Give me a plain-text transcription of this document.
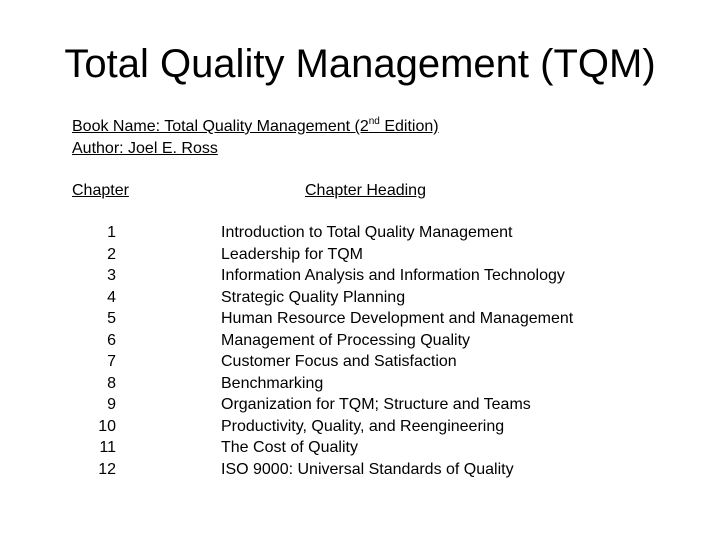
Total Quality Management (TQM)
Book Name: Total Quality Management (2nd Edition)
Author: Joel E. Ross
Chapter	Chapter Heading
1	Introduction to Total Quality Management
2	Leadership for TQM
3	Information Analysis and Information Technology
4	Strategic Quality Planning
5	Human Resource Development and Management
6	Management of Processing Quality
7	Customer Focus and Satisfaction
8	Benchmarking
9	Organization for TQM; Structure and Teams
10	Productivity, Quality, and Reengineering
11	The Cost of Quality
12	ISO 9000: Universal Standards of Quality
